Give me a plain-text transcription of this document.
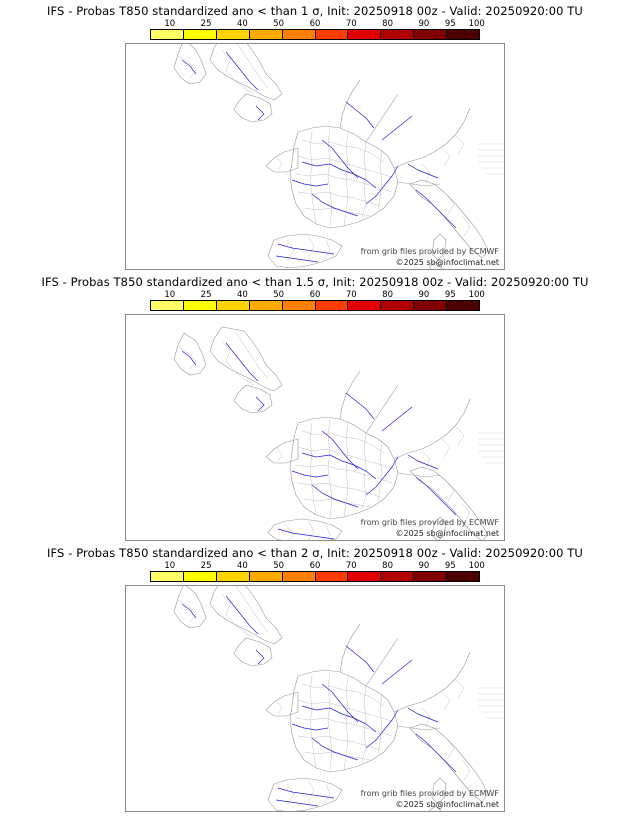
IFS - Probas T850 standardized ano < than 1 σ, Init: 20250918 00z - Valid: 20250920:00 TU
10	25	40	50	60	70	80	90 95 100
from grib files provided by ECMWF
©2025 sb@infoclimat.net
IFS - Probas T850 standardized ano < than 1.5 σ, Init: 20250918 00z - Valid: 20250920:00 TU
10	25	40	50	60	70	80	90 95 100
from grib files provided by ECMWF
©2025 sb@infoclimat.net
IFS - Probas T850 standardized ano < than 2 σ, Init: 20250918 00z - Valid: 20250920:00 TU
10	25	40	50	60	70	80	90 95 100
from grib files provided by ECMWF
©2025 sb@infoclimat.net
